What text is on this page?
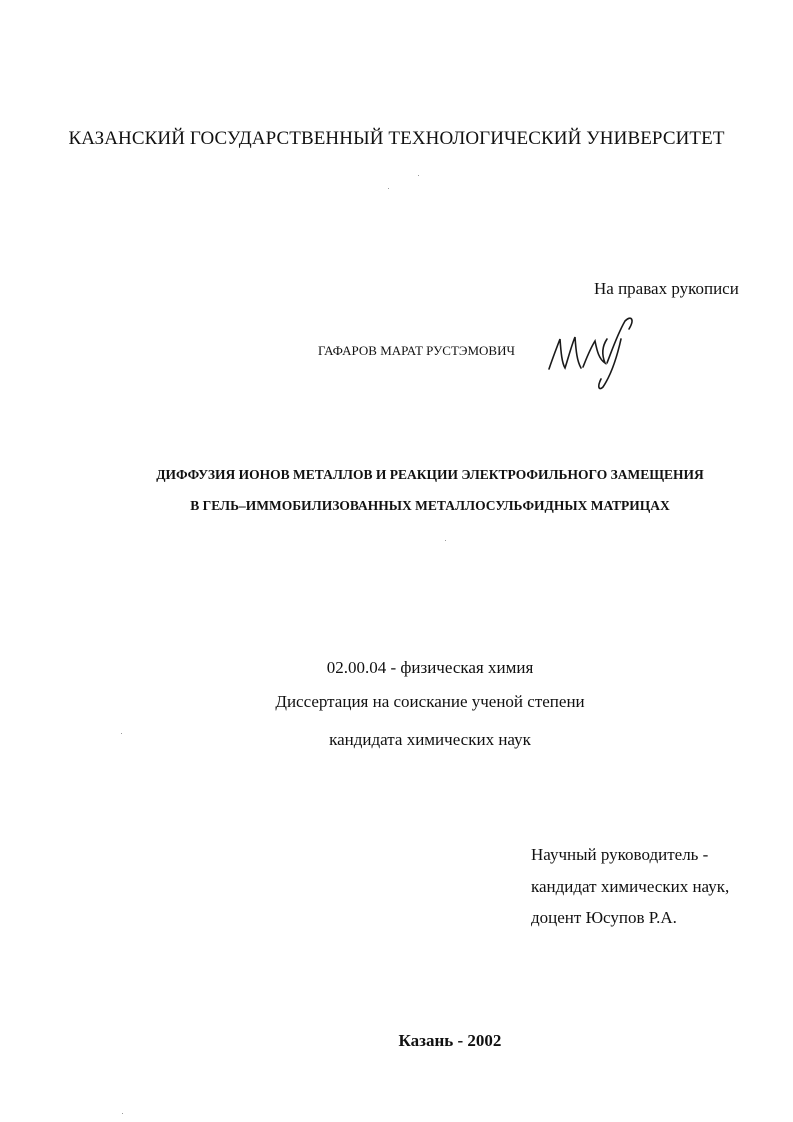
КАЗАНСКИЙ ГОСУДАРСТВЕННЫЙ ТЕХНОЛОГИЧЕСКИЙ УНИВЕРСИТЕТ
На правах рукописи
ГАФАРОВ МАРАТ РУСТЭМОВИЧ
ДИФФУЗИЯ ИОНОВ МЕТАЛЛОВ И РЕАКЦИИ ЭЛЕКТРОФИЛЬНОГО ЗАМЕЩЕНИЯ
В ГЕЛЬ–ИММОБИЛИЗОВАННЫХ МЕТАЛЛОСУЛЬФИДНЫХ МАТРИЦАХ
02.00.04 - физическая химия
Диссертация на соискание ученой степени
кандидата химических наук
Научный руководитель -
кандидат химических наук,
доцент Юсупов Р.А.
Казань - 2002
